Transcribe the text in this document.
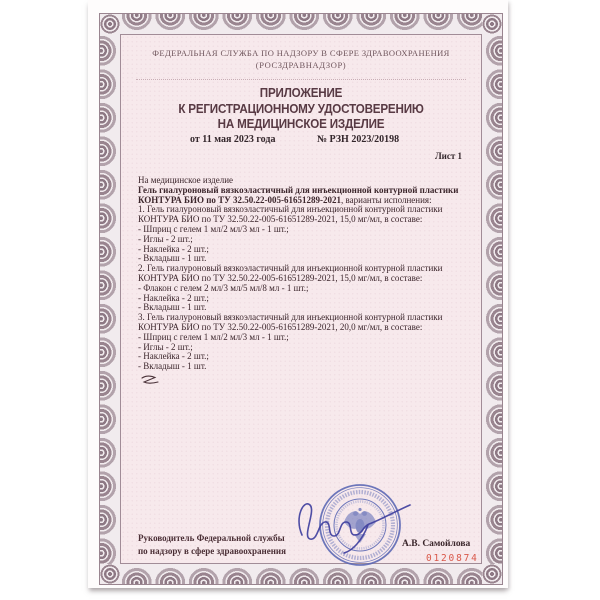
ФЕДЕРАЛЬНАЯ СЛУЖБА ПО НАДЗОРУ В СФЕРЕ ЗДРАВООХРАНЕНИЯ
(РОСЗДРАВНАДЗОР)
ПРИЛОЖЕНИЕ
К РЕГИСТРАЦИОННОМУ УДОСТОВЕРЕНИЮ
НА МЕДИЦИНСКОЕ ИЗДЕЛИЕ
от 11 мая 2023 года	№ РЗН 2023/20198
Лист 1
На медицинское изделие
Гель гиалуроновый вязкоэластичный для инъекционной контурной пластики
КОНТУРА БИО по ТУ 32.50.22-005-61651289-2021, варианты исполнения:
1. Гель гиалуроновый вязкоэластичный для инъекционной контурной пластики
КОНТУРА БИО по ТУ 32.50.22-005-61651289-2021, 15,0 мг/мл, в составе:
- Шприц с гелем 1 мл/2 мл/3 мл - 1 шт.;
- Иглы - 2 шт.;
- Наклейка - 2 шт.;
- Вкладыш - 1 шт.
2. Гель гиалуроновый вязкоэластичный для инъекционной контурной пластики
КОНТУРА БИО по ТУ 32.50.22-005-61651289-2021, 15,0 мг/мл, в составе:
- Флакон с гелем 2 мл/3 мл/5 мл/8 мл - 1 шт.;
- Наклейка - 2 шт.;
- Вкладыш - 1 шт.
3. Гель гиалуроновый вязкоэластичный для инъекционной контурной пластики
КОНТУРА БИО по ТУ 32.50.22-005-61651289-2021, 20,0 мг/мл, в составе:
- Шприц с гелем 1 мл/2 мл/3 мл - 1 шт.;
- Иглы - 2 шт.;
- Наклейка - 2 шт.;
- Вкладыш - 1 шт.
Руководитель Федеральной службы
по надзору в сфере здравоохранения
А.В. Самойлова
0120874
